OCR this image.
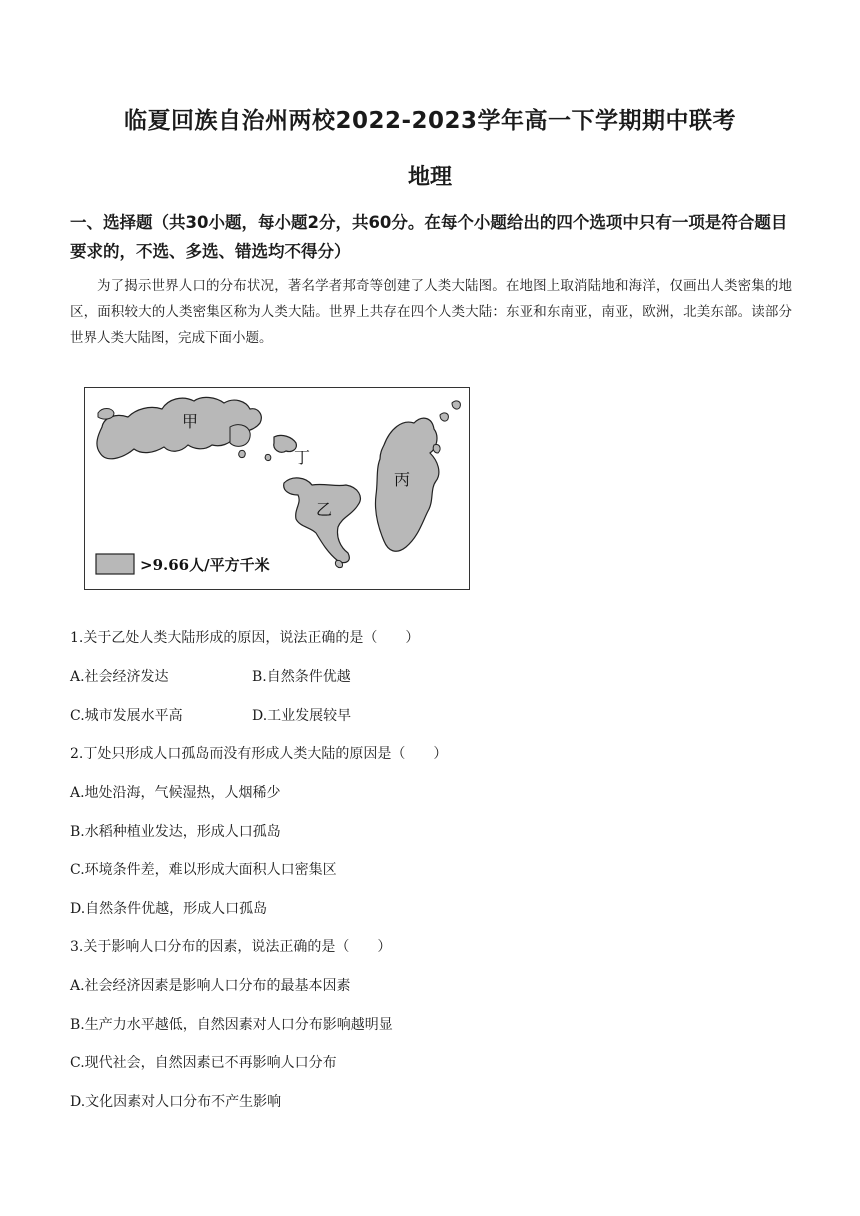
临夏回族自治州两校2022-2023学年高一下学期期中联考
地理
一、选择题（共30小题，每小题2分，共60分。在每个小题给出的四个选项中只有一项是符合题目要求的，不选、多选、错选均不得分）
为了揭示世界人口的分布状况，著名学者邦奇等创建了人类大陆图。在地图上取消陆地和海洋，仅画出人类密集的地区，面积较大的人类密集区称为人类大陆。世界上共存在四个人类大陆：东亚和东南亚，南亚，欧洲，北美东部。读部分世界人类大陆图，完成下面小题。
甲
丁
乙
丙
>9.66人/平方千米
1.关于乙处人类大陆形成的原因，说法正确的是（　　）
A.社会经济发达	B.自然条件优越
C.城市发展水平高	D.工业发展较早
2.丁处只形成人口孤岛而没有形成人类大陆的原因是（　　）
A.地处沿海，气候湿热，人烟稀少
B.水稻种植业发达，形成人口孤岛
C.环境条件差，难以形成大面积人口密集区
D.自然条件优越，形成人口孤岛
3.关于影响人口分布的因素，说法正确的是（　　）
A.社会经济因素是影响人口分布的最基本因素
B.生产力水平越低，自然因素对人口分布影响越明显
C.现代社会，自然因素已不再影响人口分布
D.文化因素对人口分布不产生影响
